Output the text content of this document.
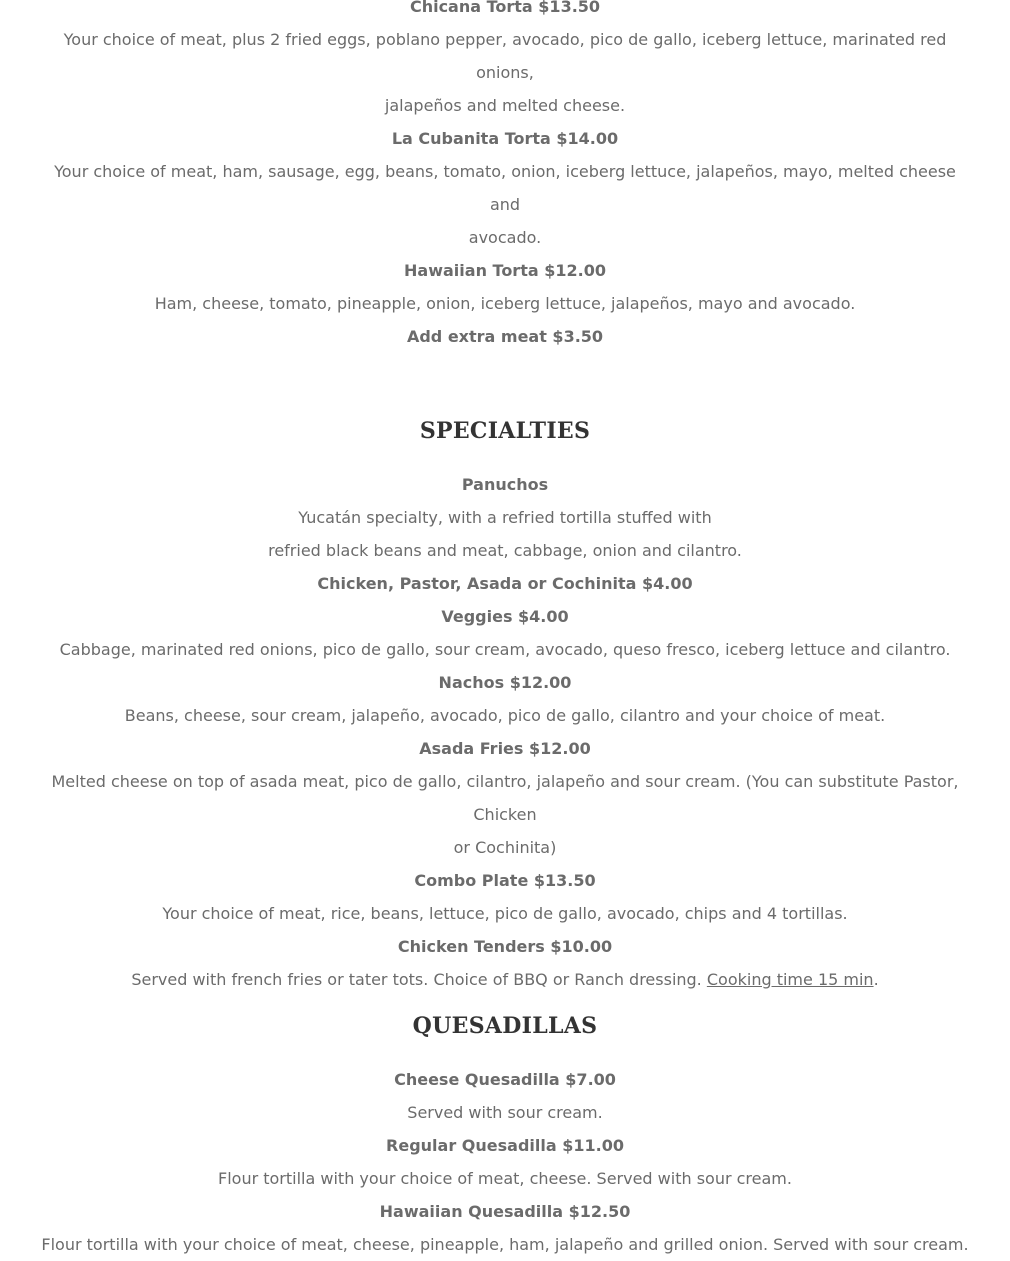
Chicana Torta $13.50
Your choice of meat, plus 2 fried eggs, poblano pepper, avocado, pico de gallo, iceberg lettuce, marinated red onions,
jalapeños and melted cheese.
La Cubanita Torta $14.00
Your choice of meat, ham, sausage, egg, beans, tomato, onion, iceberg lettuce, jalapeños, mayo, melted cheese and
avocado.
Hawaiian Torta $12.00
Ham, cheese, tomato, pineapple, onion, iceberg lettuce, jalapeños, mayo and avocado.
Add extra meat $3.50
SPECIALTIES
Panuchos
Yucatán specialty, with a refried tortilla stuffed with
refried black beans and meat, cabbage, onion and cilantro.
Chicken, Pastor, Asada or Cochinita $4.00
Veggies $4.00
Cabbage, marinated red onions, pico de gallo, sour cream, avocado, queso fresco, iceberg lettuce and cilantro.
Nachos $12.00
Beans, cheese, sour cream, jalapeño, avocado, pico de gallo, cilantro and your choice of meat.
Asada Fries $12.00
Melted cheese on top of asada meat, pico de gallo, cilantro, jalapeño and sour cream. (You can substitute Pastor, Chicken
or Cochinita)
Combo Plate $13.50
Your choice of meat, rice, beans, lettuce, pico de gallo, avocado, chips and 4 tortillas.
Chicken Tenders $10.00
Served with french fries or tater tots. Choice of BBQ or Ranch dressing. Cooking time 15 min.
QUESADILLAS
Cheese Quesadilla $7.00
Served with sour cream.
Regular Quesadilla $11.00
Flour tortilla with your choice of meat, cheese. Served with sour cream.
Hawaiian Quesadilla $12.50
Flour tortilla with your choice of meat, cheese, pineapple, ham, jalapeño and grilled onion. Served with sour cream.
